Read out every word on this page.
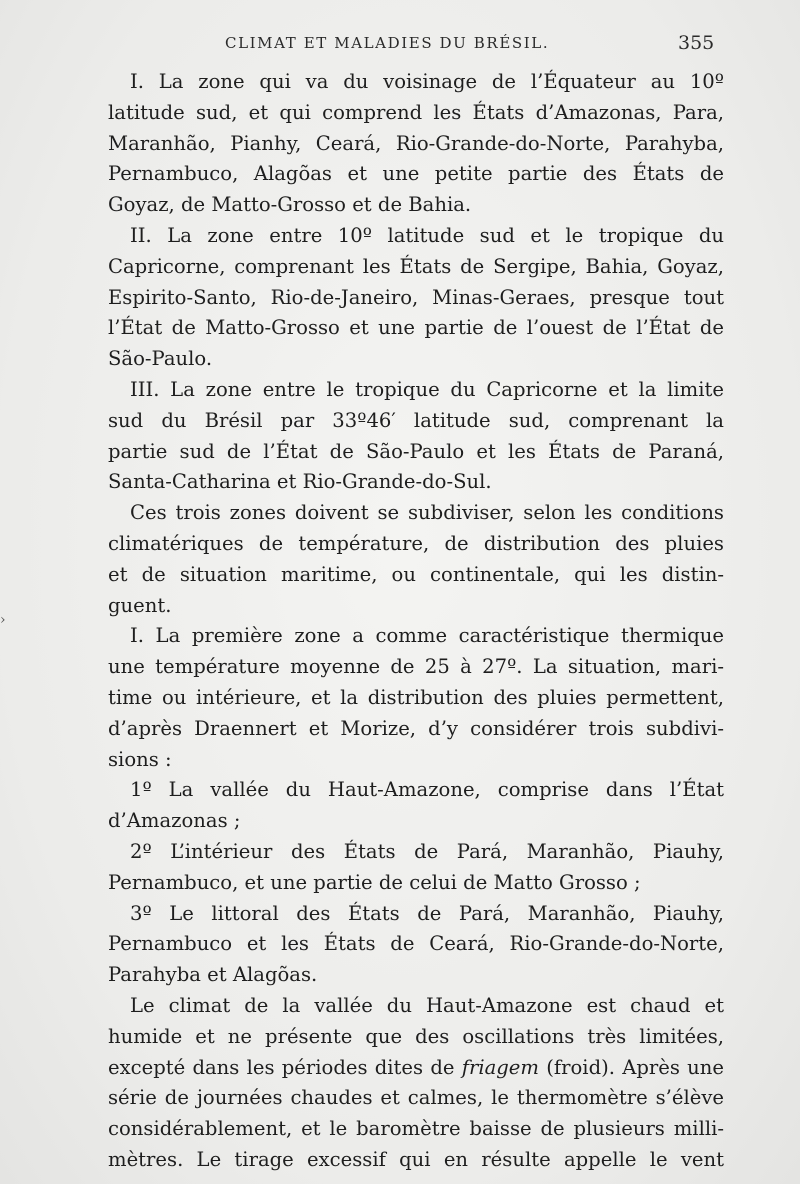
CLIMAT ET MALADIES DU BRÉSIL.	355
›
I. La zone qui va du voisinage de l’Équateur au 10º
latitude sud, et qui comprend les États d’Amazonas, Para,
Maranhão, Pianhy, Ceará, Rio-Grande-do-Norte, Parahyba,
Pernambuco, Alagõas et une petite partie des États de
Goyaz, de Matto-Grosso et de Bahia.
II. La zone entre 10º latitude sud et le tropique du
Capricorne, comprenant les États de Sergipe, Bahia, Goyaz,
Espirito-Santo, Rio-de-Janeiro, Minas-Geraes, presque tout
l’État de Matto-Grosso et une partie de l’ouest de l’État de
São-Paulo.
III. La zone entre le tropique du Capricorne et la limite
sud du Brésil par 33º46′ latitude sud, comprenant la
partie sud de l’État de São-Paulo et les États de Paraná,
Santa-Catharina et Rio-Grande-do-Sul.
Ces trois zones doivent se subdiviser, selon les conditions
climatériques de température, de distribution des pluies
et de situation maritime, ou continentale, qui les distin-
guent.
I. La première zone a comme caractéristique thermique
une température moyenne de 25 à 27º. La situation, mari-
time ou intérieure, et la distribution des pluies permettent,
d’après Draennert et Morize, d’y considérer trois subdivi-
sions :
1º La vallée du Haut-Amazone, comprise dans l’État
d’Amazonas ;
2º L’intérieur des États de Pará, Maranhão, Piauhy,
Pernambuco, et une partie de celui de Matto Grosso ;
3º Le littoral des États de Pará, Maranhão, Piauhy,
Pernambuco et les États de Ceará, Rio-Grande-do-Norte,
Parahyba et Alagõas.
Le climat de la vallée du Haut-Amazone est chaud et
humide et ne présente que des oscillations très limitées,
excepté dans les périodes dites de friagem (froid). Après une
série de journées chaudes et calmes, le thermomètre s’élève
considérablement, et le baromètre baisse de plusieurs milli-
mètres. Le tirage excessif qui en résulte appelle le vent
